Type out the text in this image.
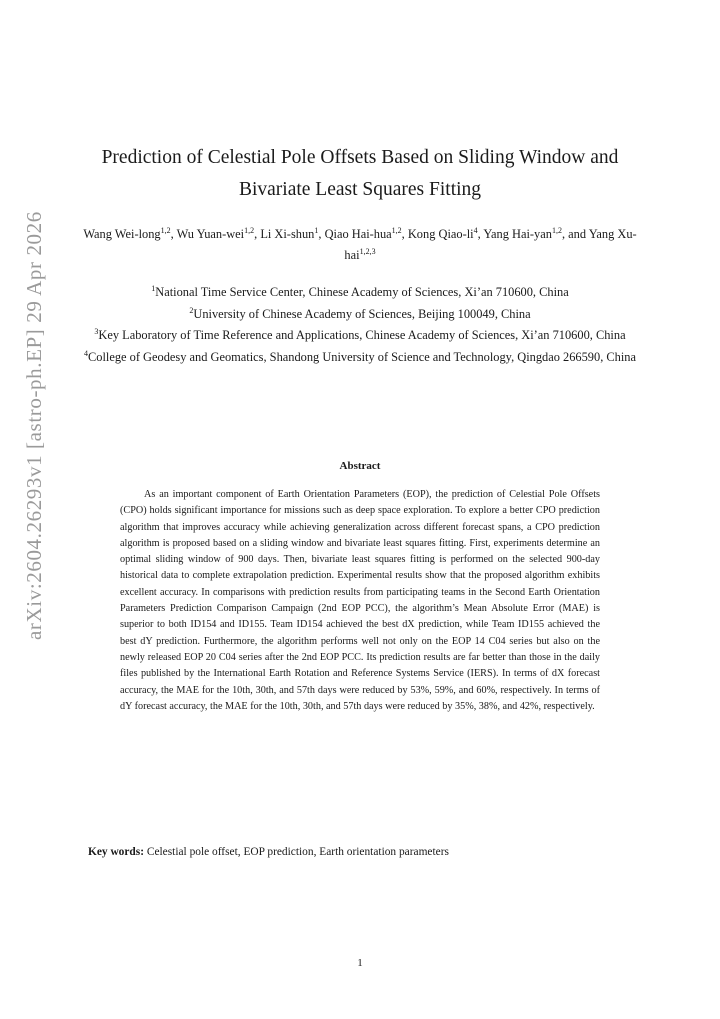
arXiv:2604.26293v1 [astro-ph.EP] 29 Apr 2026
Prediction of Celestial Pole Offsets Based on Sliding Window and
Bivariate Least Squares Fitting
Wang Wei-long$^{1,2}$, Wu Yuan-wei$^{1,2}$, Li Xi-shun$^1$, Qiao Hai-hua$^{1,2}$, Kong Qiao-$li^4$, Yang Hai-yan$^{1,2}$, and Yang Xu-hai$^{1,2,3}$
$^1$National Time Service Center, Chinese Academy of Sciences, Xi’an 710600, China
$^2$University of Chinese Academy of Sciences, Beijing 100049, China
$^3$Key Laboratory of Time Reference and Applications, Chinese Academy of Sciences, Xi’an 710600, China
$^4$College of Geodesy and Geomatics, Shandong University of Science and Technology, Qingdao 266590, China
Abstract

As an important component of Earth Orientation Parameters (EOP), the prediction of Celestial Pole Offsets (CPO) holds significant importance for missions such as deep space exploration. To explore a better CPO prediction algorithm that improves accuracy while achieving generalization across different forecast spans, a CPO prediction algorithm is proposed based on a sliding window and bivariate least squares fitting. First, experiments determine an optimal sliding window of 900 days. Then, bivariate least squares fitting is performed on the selected 900-day historical data to complete extrapolation prediction. Experimental results show that the proposed algorithm exhibits excellent accuracy. In comparisons with prediction results from participating teams in the Second Earth Orientation Parameters Prediction Comparison Campaign (2nd EOP PCC), the algorithm’s Mean Absolute Error (MAE) is superior to both ID154 and ID155. Team ID154 achieved the best dX prediction, while Team ID155 achieved the best dY prediction. Furthermore, the algorithm performs well not only on the EOP 14 C04 series but also on the newly released EOP 20 C04 series after the 2nd EOP PCC. Its prediction results are far better than those in the daily files published by the International Earth Rotation and Reference Systems Service (IERS). In terms of dX forecast accuracy, the MAE for the 10th, 30th, and 57th days were reduced by 53%, 59%, and 60%, respectively. In terms of dY forecast accuracy, the MAE for the 10th, 30th, and 57th days were reduced by 35%, 38%, and 42%, respectively.

Key words: Celestial pole offset, EOP prediction, Earth orientation parameters
1
